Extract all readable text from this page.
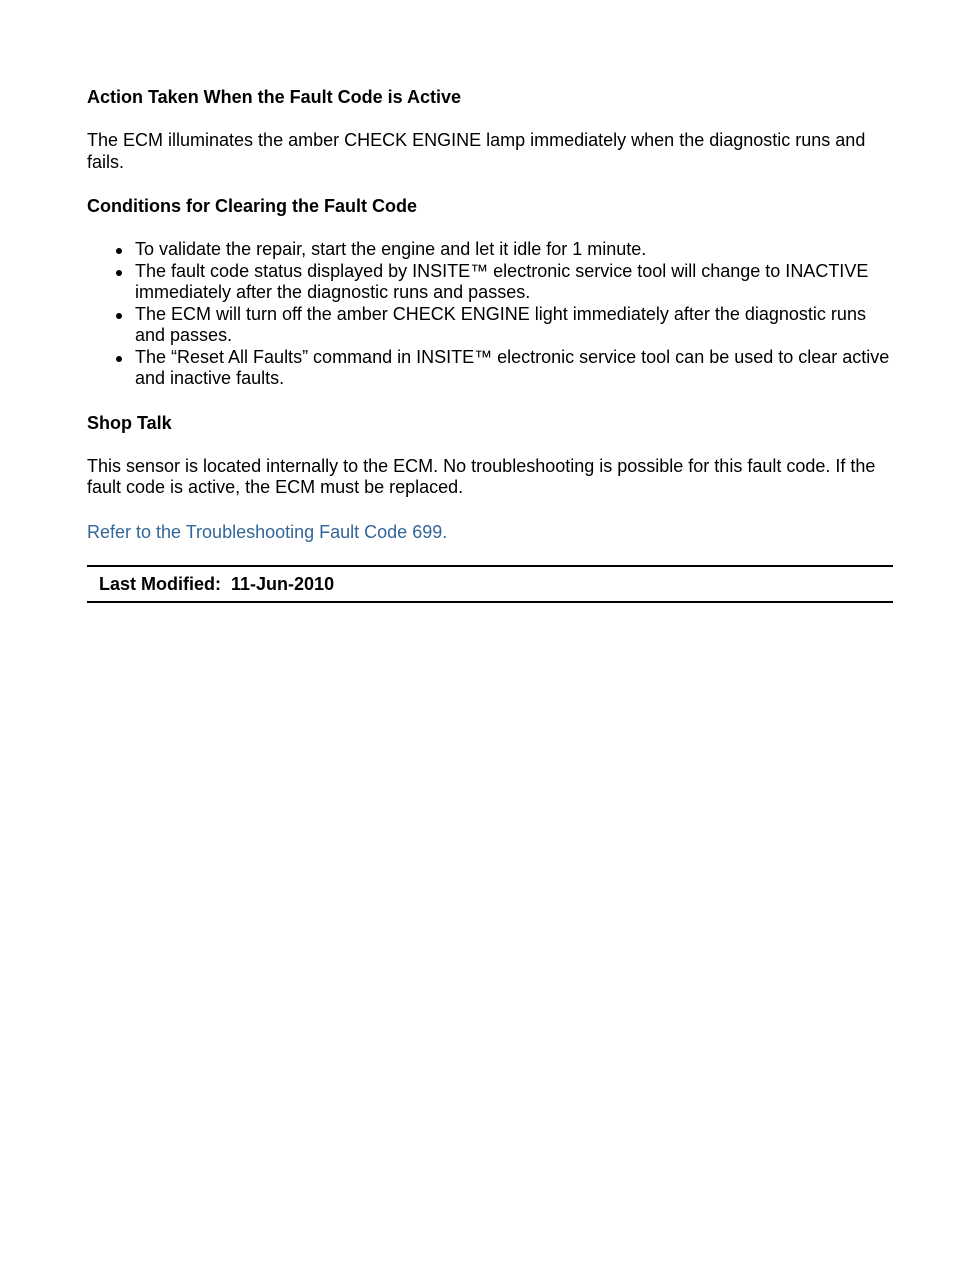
Action Taken When the Fault Code is Active
The ECM illuminates the amber CHECK ENGINE lamp immediately when the diagnostic runs and fails.
Conditions for Clearing the Fault Code
To validate the repair, start the engine and let it idle for 1 minute.
The fault code status displayed by INSITE™ electronic service tool will change to INACTIVE immediately after the diagnostic runs and passes.
The ECM will turn off the amber CHECK ENGINE light immediately after the diagnostic runs and passes.
The “Reset All Faults” command in INSITE™ electronic service tool can be used to clear active and inactive faults.
Shop Talk
This sensor is located internally to the ECM. No troubleshooting is possible for this fault code. If the fault code is active, the ECM must be replaced.
Refer to the Troubleshooting Fault Code 699.
Last Modified: 11-Jun-2010
